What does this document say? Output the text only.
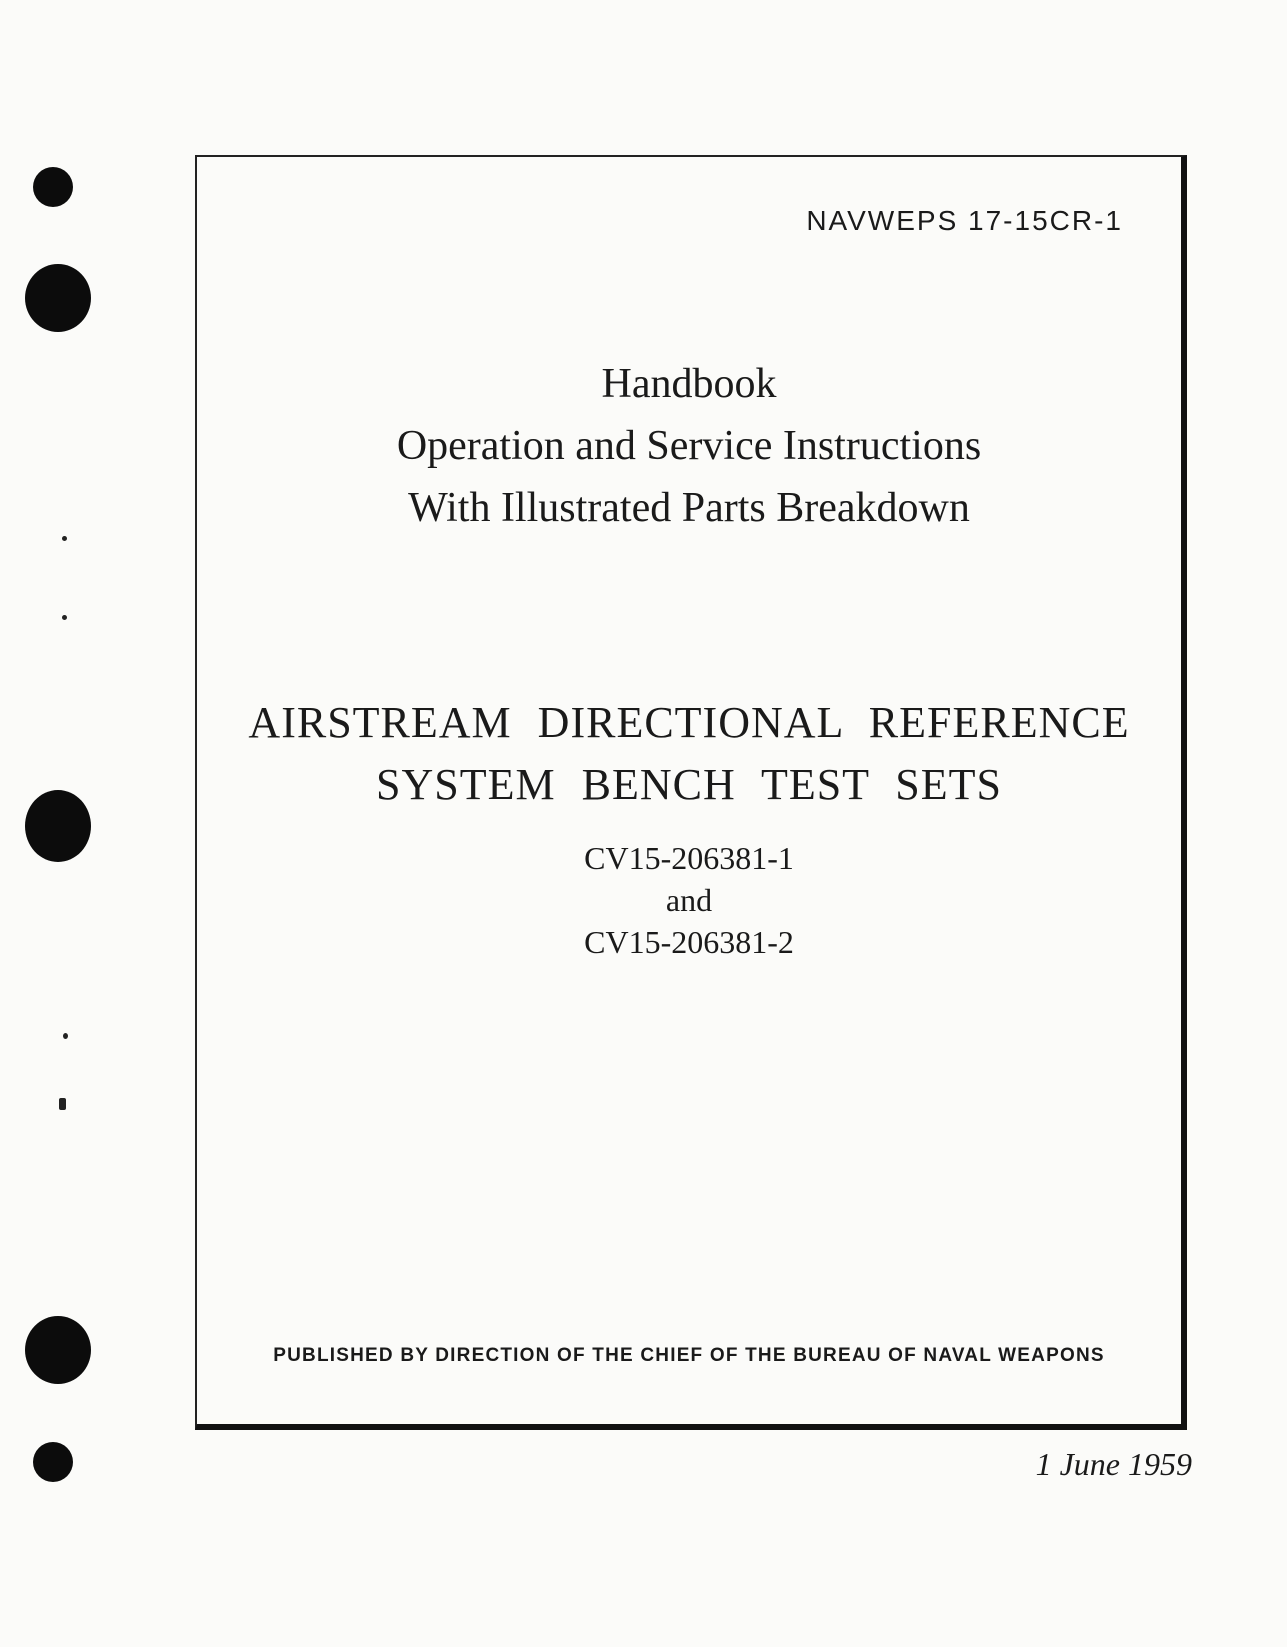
NAVWEPS 17-15CR-1
Handbook
Operation and Service Instructions
With Illustrated Parts Breakdown
AIRSTREAM DIRECTIONAL REFERENCE
SYSTEM BENCH TEST SETS
CV15-206381-1
and
CV15-206381-2
PUBLISHED BY DIRECTION OF THE CHIEF OF THE BUREAU OF NAVAL WEAPONS
1 June 1959
